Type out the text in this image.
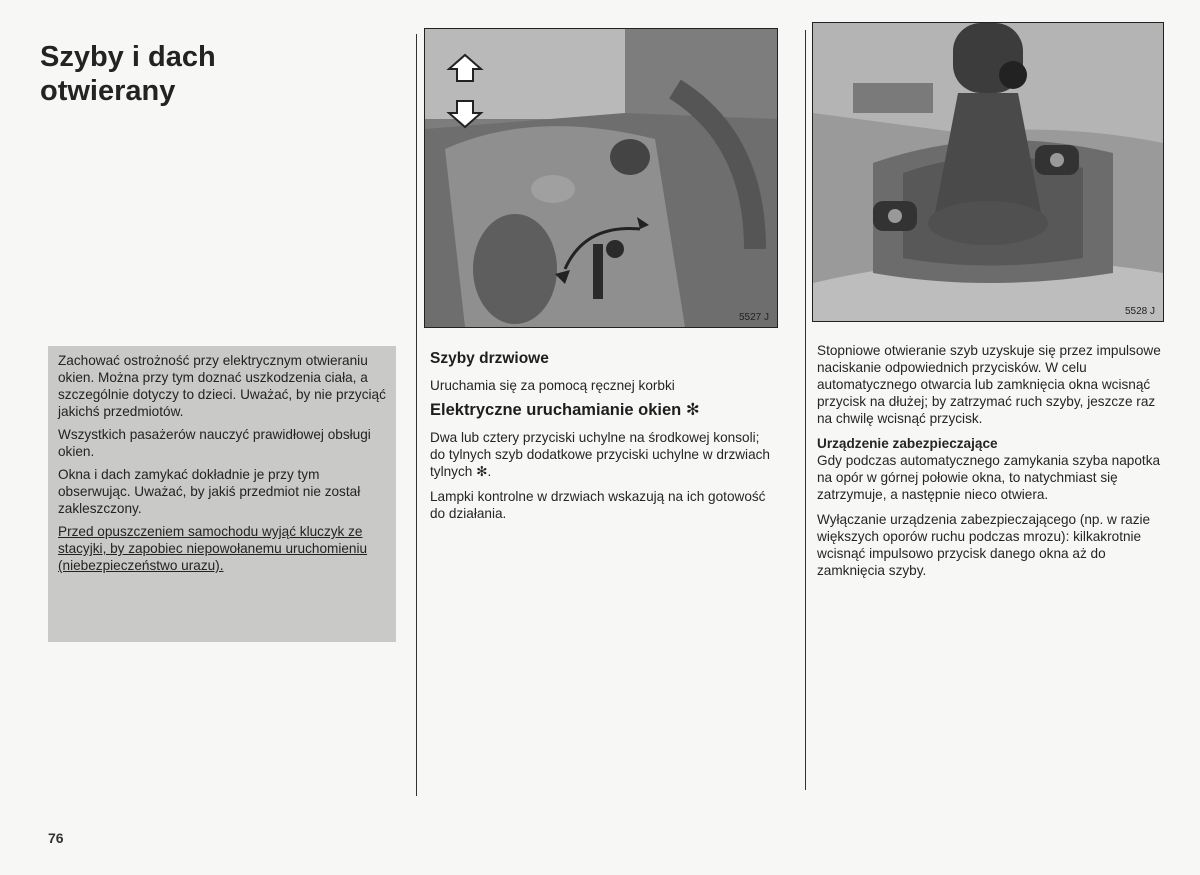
Szyby i dach
otwierany

Zachować ostrożność przy elektrycznym otwieraniu okien. Można przy tym doznać uszkodzenia ciała, a szczególnie dotyczy to dzieci. Uważać, by nie przyciąć jakichś przedmiotów.

Wszystkich pasażerów nauczyć prawidłowej obsługi okien.

Okna i dach zamykać dokładnie je przy tym obserwując. Uważać, by jakiś przedmiot nie został zakleszczony.

Przed opuszczeniem samochodu wyjąć kluczyk ze stacyjki, by zapobiec niepowołanemu uruchomieniu (niebezpieczeństwo urazu).

5527 J
5528 J
Szyby drzwiowe

Uruchamia się za pomocą ręcznej korbki

Elektryczne uruchamianie okien ✻

Dwa lub cztery przyciski uchylne na środkowej konsoli; do tylnych szyb dodatkowe przyciski uchylne w drzwiach tylnych ✻.

Lampki kontrolne w drzwiach wskazują na ich gotowość do działania.

Stopniowe otwieranie szyb uzyskuje się przez impulsowe naciskanie odpowiednich przycisków. W celu automatycznego otwarcia lub zamknięcia okna wcisnąć przycisk na dłużej; by zatrzymać ruch szyby, jeszcze raz na chwilę wcisnąć przycisk.

Urządzenie zabezpieczające

Gdy podczas automatycznego zamykania szyba napotka na opór w górnej połowie okna, to natychmiast się zatrzymuje, a następnie nieco otwiera.

Wyłączanie urządzenia zabezpieczającego (np. w razie większych oporów ruchu podczas mrozu): kilkakrotnie wcisnąć impulsowo przycisk danego okna aż do zamknięcia szyby.

76
